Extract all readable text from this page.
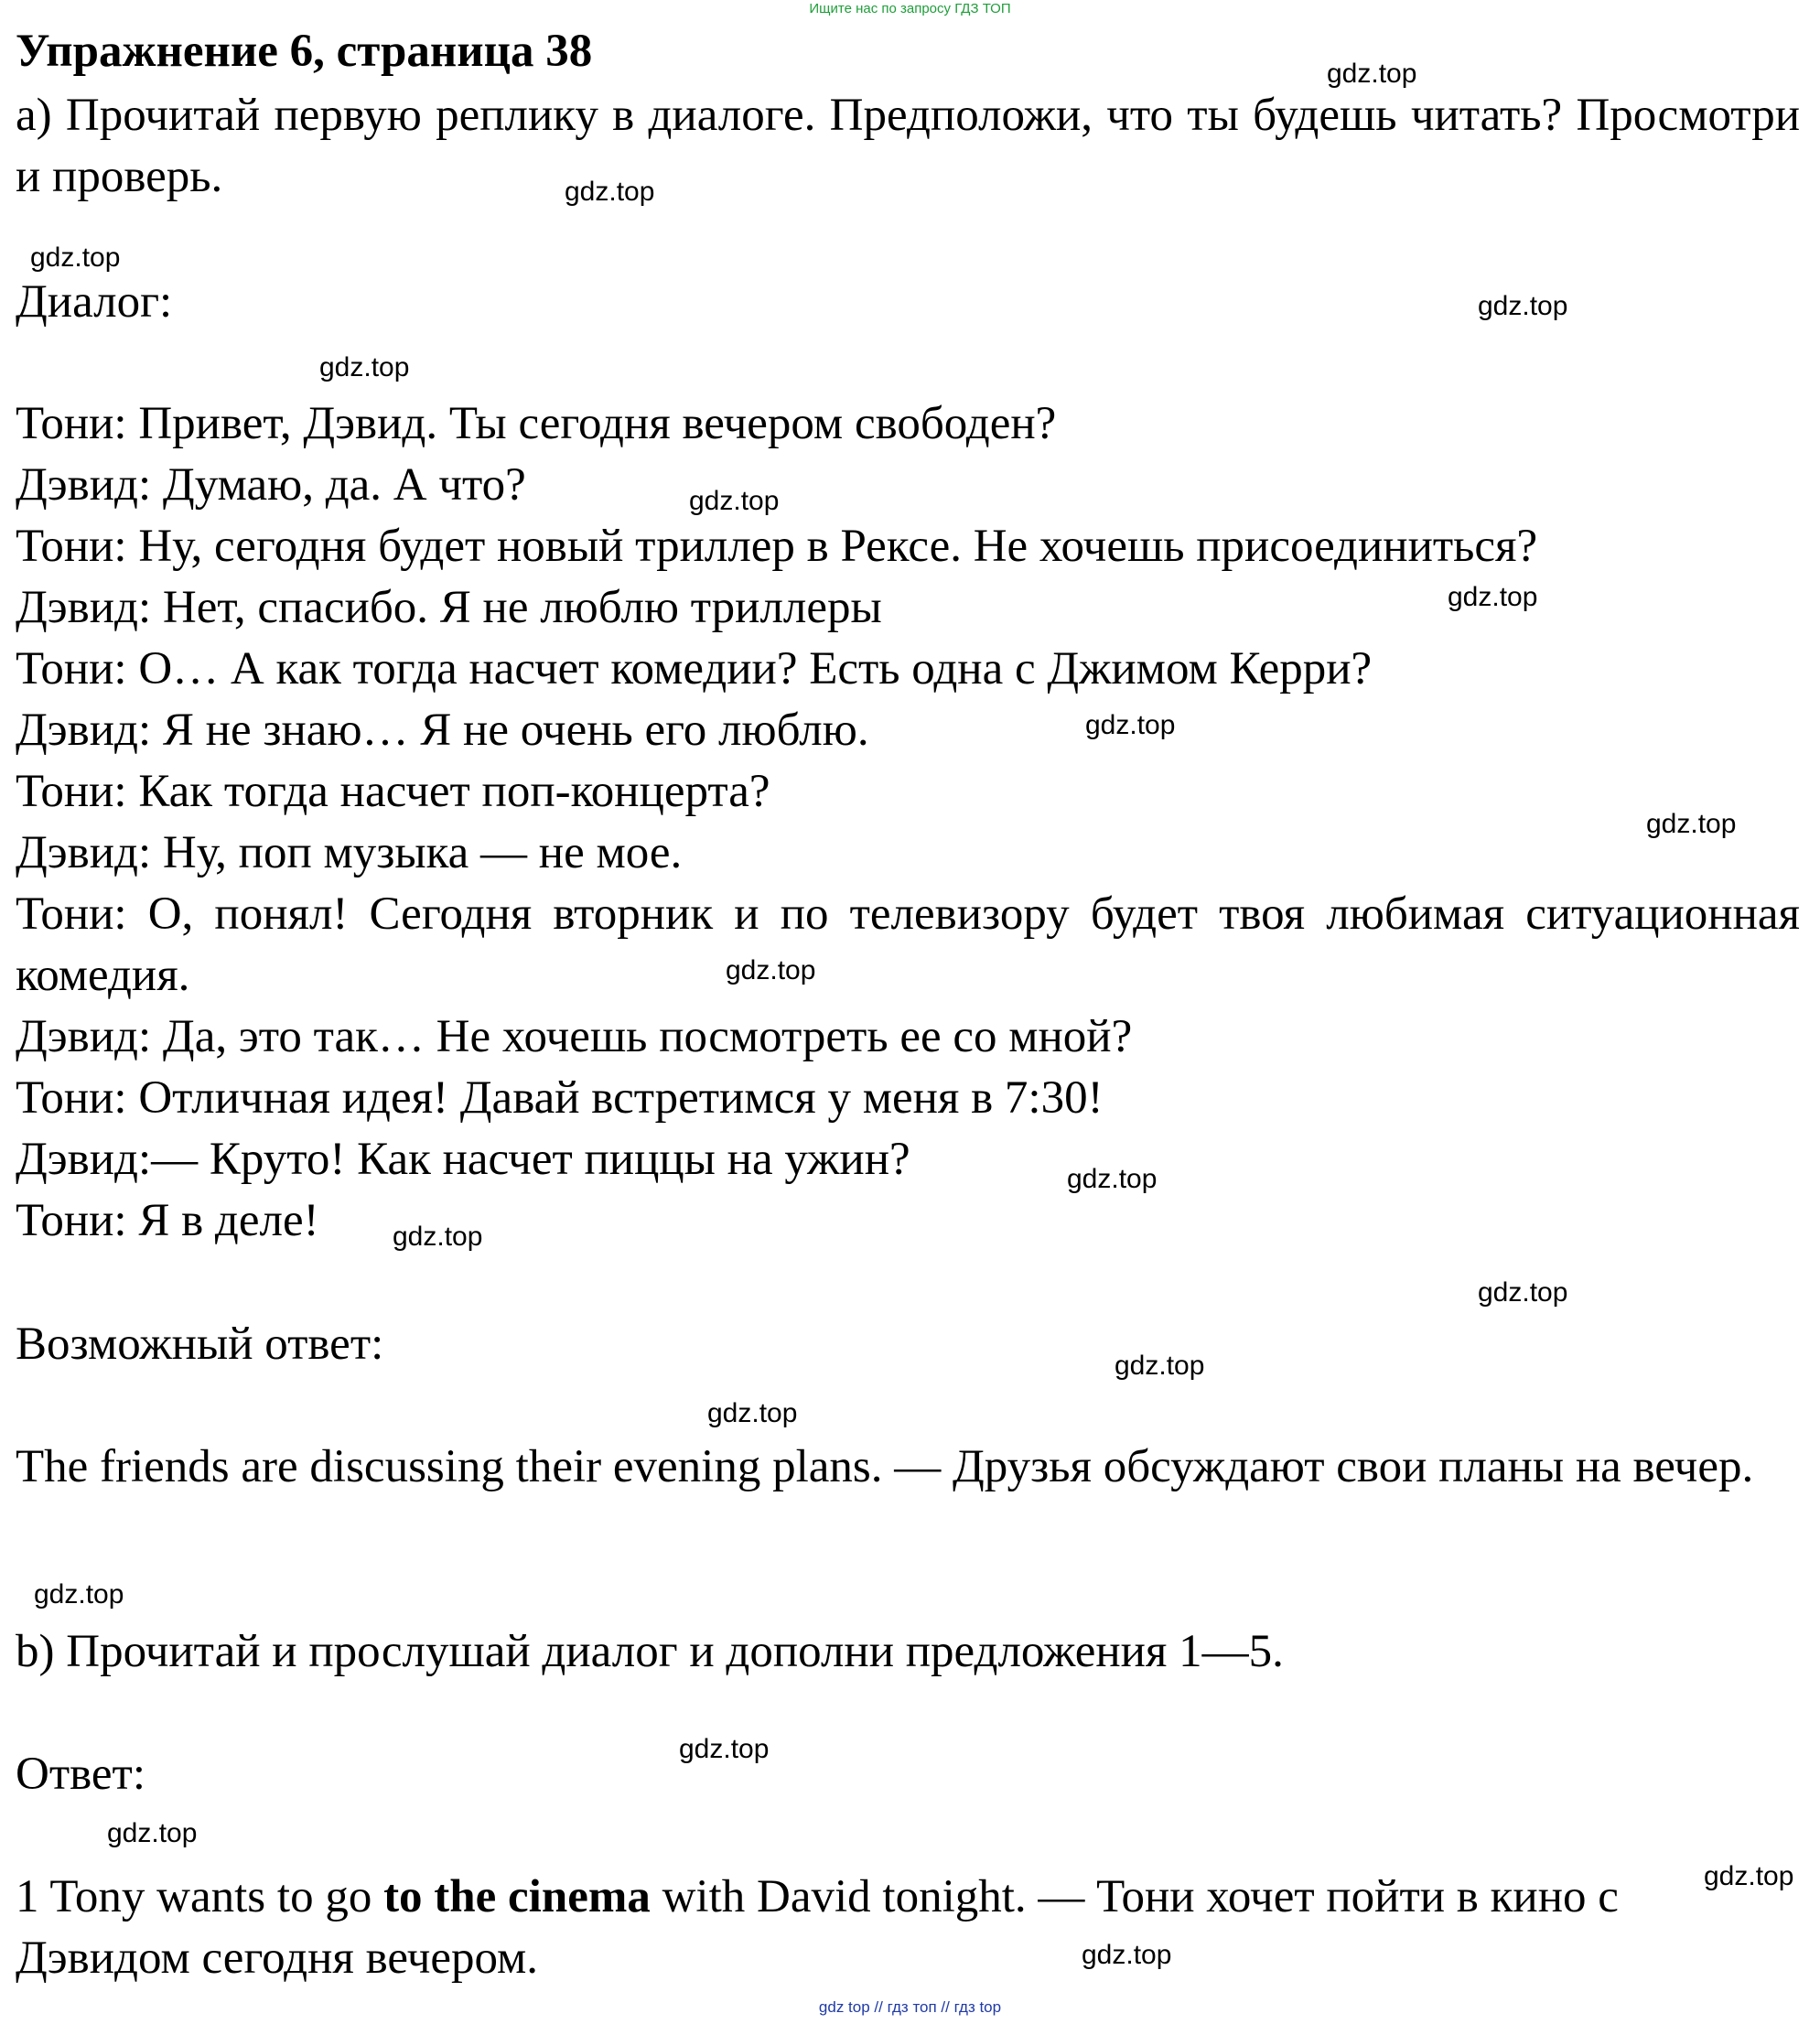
Ищите нас по запросу ГДЗ ТОП
Упражнение 6, страница 38

а) Прочитай первую реплику в диалоге. Предположи, что ты будешь читать? Просмотри и проверь.

Диалог:

Тони: Привет, Дэвид. Ты сегодня вечером свободен?

Дэвид: Думаю, да. А что?

Тони: Ну, сегодня будет новый триллер в Рексе. Не хочешь присоединиться?

Дэвид: Нет, спасибо. Я не люблю триллеры

Тони: О… А как тогда насчет комедии? Есть одна с Джимом Керри?

Дэвид: Я не знаю… Я не очень его люблю.

Тони: Как тогда насчет поп-концерта?

Дэвид: Ну, поп музыка — не мое.

Тони: О, понял! Сегодня вторник и по телевизору будет твоя любимая ситуационная комедия.

Дэвид: Да, это так… Не хочешь посмотреть ее со мной?

Тони: Отличная идея! Давай встретимся у меня в 7:30!

Дэвид:— Круто! Как насчет пиццы на ужин?

Тони: Я в деле!

Возможный ответ:

The friends are discussing their evening plans. — Друзья обсуждают свои планы на вечер.

b) Прочитай и прослушай диалог и дополни предложения 1—5.

Ответ:

1 Tony wants to go to the cinema with David tonight. — Тони хочет пойти в кино с Дэвидом сегодня вечером.

gdz.top
gdz.top
gdz.top
gdz.top
gdz.top
gdz.top
gdz.top
gdz.top
gdz.top
gdz.top
gdz.top
gdz.top
gdz.top
gdz.top
gdz.top
gdz.top
gdz.top
gdz.top
gdz.top
gdz.top
gdz top // гдз топ // гдз top
